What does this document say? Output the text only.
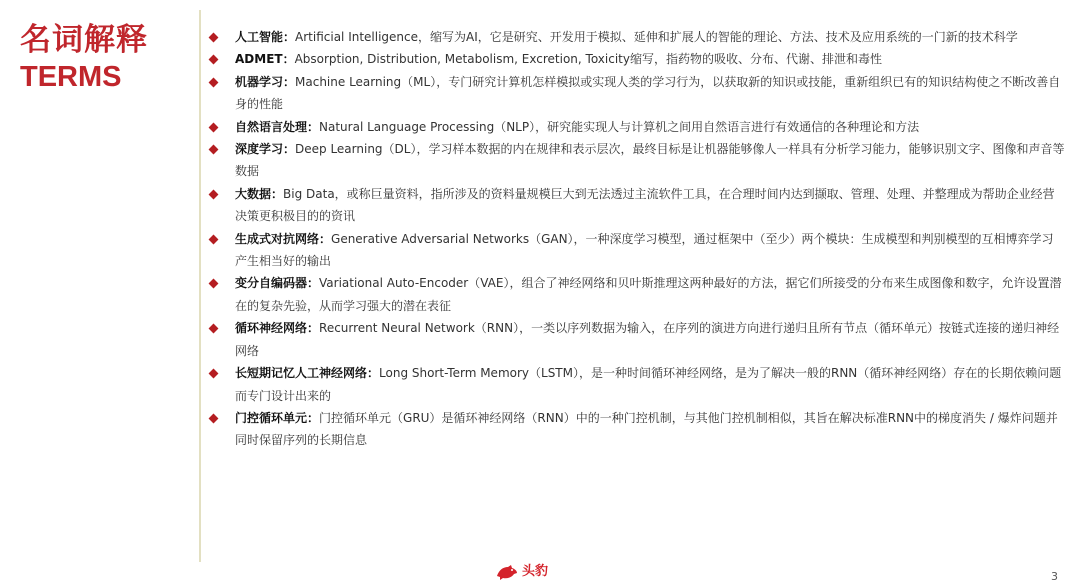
名词解释
TERMS
人工智能：Artificial Intelligence，缩写为AI，它是研究、开发用于模拟、延伸和扩展人的智能的理论、方法、技术及应用系统的一门新的技术科学
ADMET：Absorption, Distribution, Metabolism, Excretion, Toxicity缩写，指药物的吸收、分布、代谢、排泄和毒性
机器学习：Machine Learning（ML），专门研究计算机怎样模拟或实现人类的学习行为，以获取新的知识或技能，重新组织已有的知识结构使之不断改善自身的性能
自然语言处理：Natural Language Processing（NLP），研究能实现人与计算机之间用自然语言进行有效通信的各种理论和方法
深度学习：Deep Learning（DL），学习样本数据的内在规律和表示层次，最终目标是让机器能够像人一样具有分析学习能力，能够识别文字、图像和声音等数据
大数据：Big Data，或称巨量资料，指所涉及的资料量规模巨大到无法透过主流软件工具，在合理时间内达到撷取、管理、处理、并整理成为帮助企业经营决策更积极目的的资讯
生成式对抗网络：Generative Adversarial Networks（GAN），一种深度学习模型，通过框架中（至少）两个模块：生成模型和判别模型的互相博弈学习产生相当好的输出
变分自编码器：Variational Auto-Encoder（VAE），组合了神经网络和贝叶斯推理这两种最好的方法，据它们所接受的分布来生成图像和数字，允许设置潜在的复杂先验，从而学习强大的潜在表征
循环神经网络：Recurrent Neural Network（RNN），一类以序列数据为输入，在序列的演进方向进行递归且所有节点（循环单元）按链式连接的递归神经网络
长短期记忆人工神经网络：Long Short-Term Memory（LSTM），是一种时间循环神经网络，是为了解决一般的RNN（循环神经网络）存在的长期依赖问题而专门设计出来的
门控循环单元：门控循环单元（GRU）是循环神经网络（RNN）中的一种门控机制，与其他门控机制相似，其旨在解决标准RNN中的梯度消失 / 爆炸问题并同时保留序列的长期信息
头豹	3
